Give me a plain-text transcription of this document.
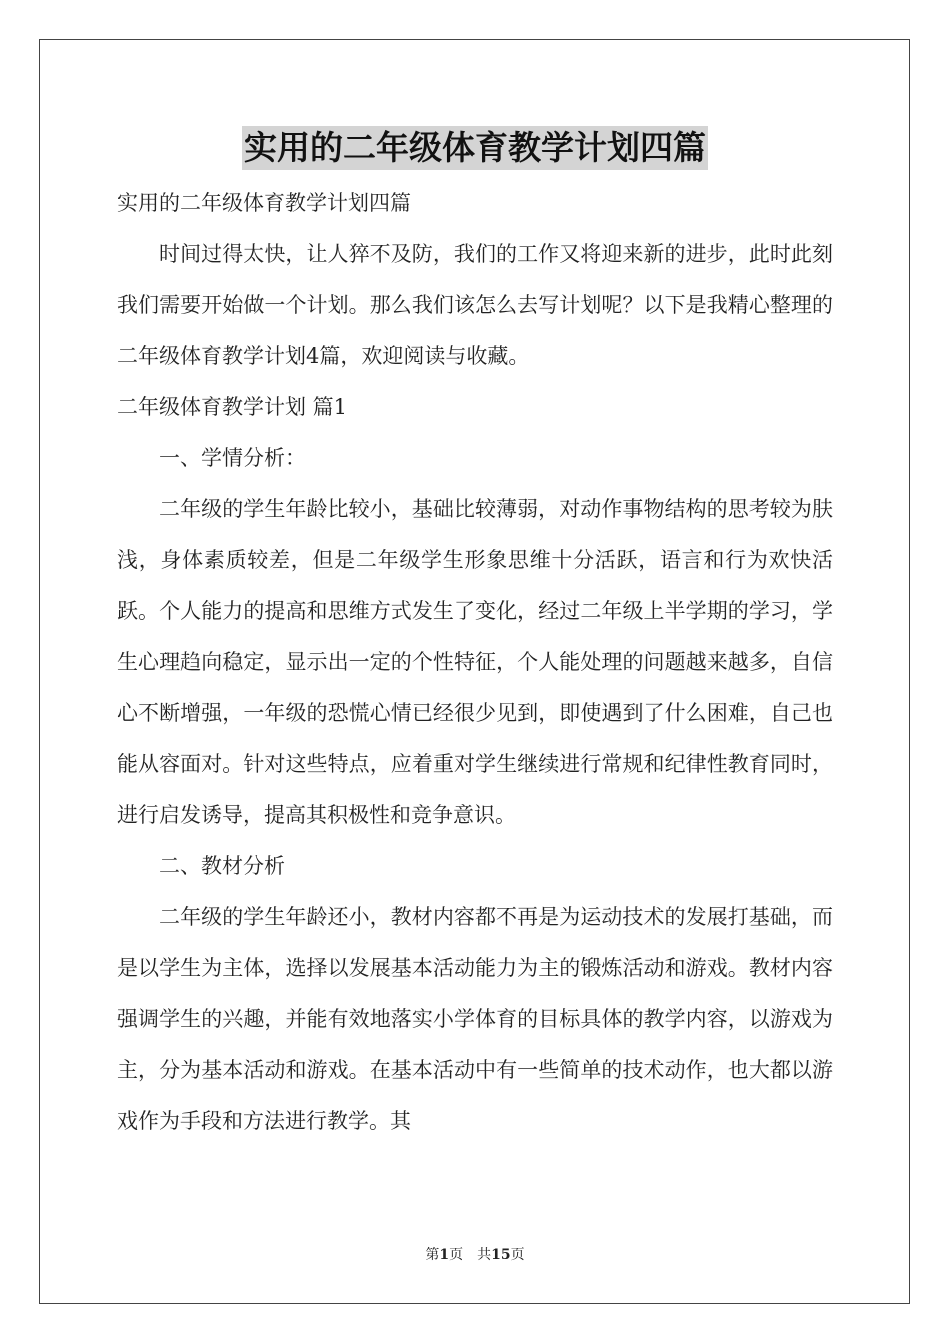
实用的二年级体育教学计划四篇

实用的二年级体育教学计划四篇

时间过得太快，让人猝不及防，我们的工作又将迎来新的进步，此时此刻我们需要开始做一个计划。那么我们该怎么去写计划呢？以下是我精心整理的二年级体育教学计划4篇，欢迎阅读与收藏。

二年级体育教学计划 篇1

一、学情分析：

二年级的学生年龄比较小，基础比较薄弱，对动作事物结构的思考较为肤浅，身体素质较差，但是二年级学生形象思维十分活跃，语言和行为欢快活跃。个人能力的提高和思维方式发生了变化，经过二年级上半学期的学习，学生心理趋向稳定，显示出一定的个性特征，个人能处理的问题越来越多，自信心不断增强，一年级的恐慌心情已经很少见到，即使遇到了什么困难，自己也能从容面对。针对这些特点，应着重对学生继续进行常规和纪律性教育同时，进行启发诱导，提高其积极性和竞争意识。

二、教材分析

二年级的学生年龄还小，教材内容都不再是为运动技术的发展打基础，而是以学生为主体，选择以发展基本活动能力为主的锻炼活动和游戏。教材内容强调学生的兴趣，并能有效地落实小学体育的目标具体的教学内容，以游戏为主，分为基本活动和游戏。在基本活动中有一些简单的技术动作，也大都以游戏作为手段和方法进行教学。其

第1页 共15页
